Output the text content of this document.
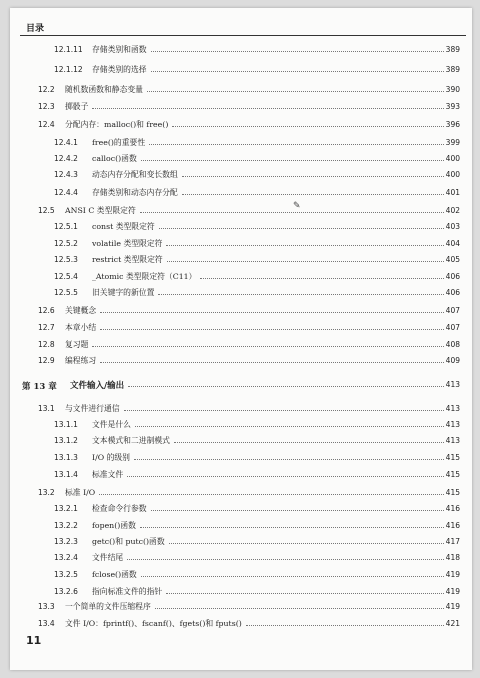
目录
12.1.11 存储类别和函数	389
12.1.12 存储类别的选择	389
12.2 随机数函数和静态变量	390
12.3 掷骰子	393
12.4 分配内存：malloc()和 free()	396
12.4.1 free()的重要性	399
12.4.2 calloc()函数	400
12.4.3 动态内存分配和变长数组	400
12.4.4 存储类别和动态内存分配	401
12.5 ANSI C 类型限定符	402
12.5.1 const 类型限定符	403
12.5.2 volatile 类型限定符	404
12.5.3 restrict 类型限定符	405
12.5.4 _Atomic 类型限定符（C11）	406
12.5.5 旧关键字的新位置	406
12.6 关键概念	407
12.7 本章小结	407
12.8 复习题	408
12.9 编程练习	409
第 13 章 文件输入/输出	413
13.1 与文件进行通信	413
13.1.1 文件是什么	413
13.1.2 文本模式和二进制模式	413
13.1.3 I/O 的级别	415
13.1.4 标准文件	415
13.2 标准 I/O	415
13.2.1 检查命令行参数	416
13.2.2 fopen()函数	416
13.2.3 getc()和 putc()函数	417
13.2.4 文件结尾	418
13.2.5 fclose()函数	419
13.2.6 指向标准文件的指针	419
13.3 一个简单的文件压缩程序	419
13.4 文件 I/O：fprintf()、fscanf()、fgets()和 fputs()	421
✎
11
